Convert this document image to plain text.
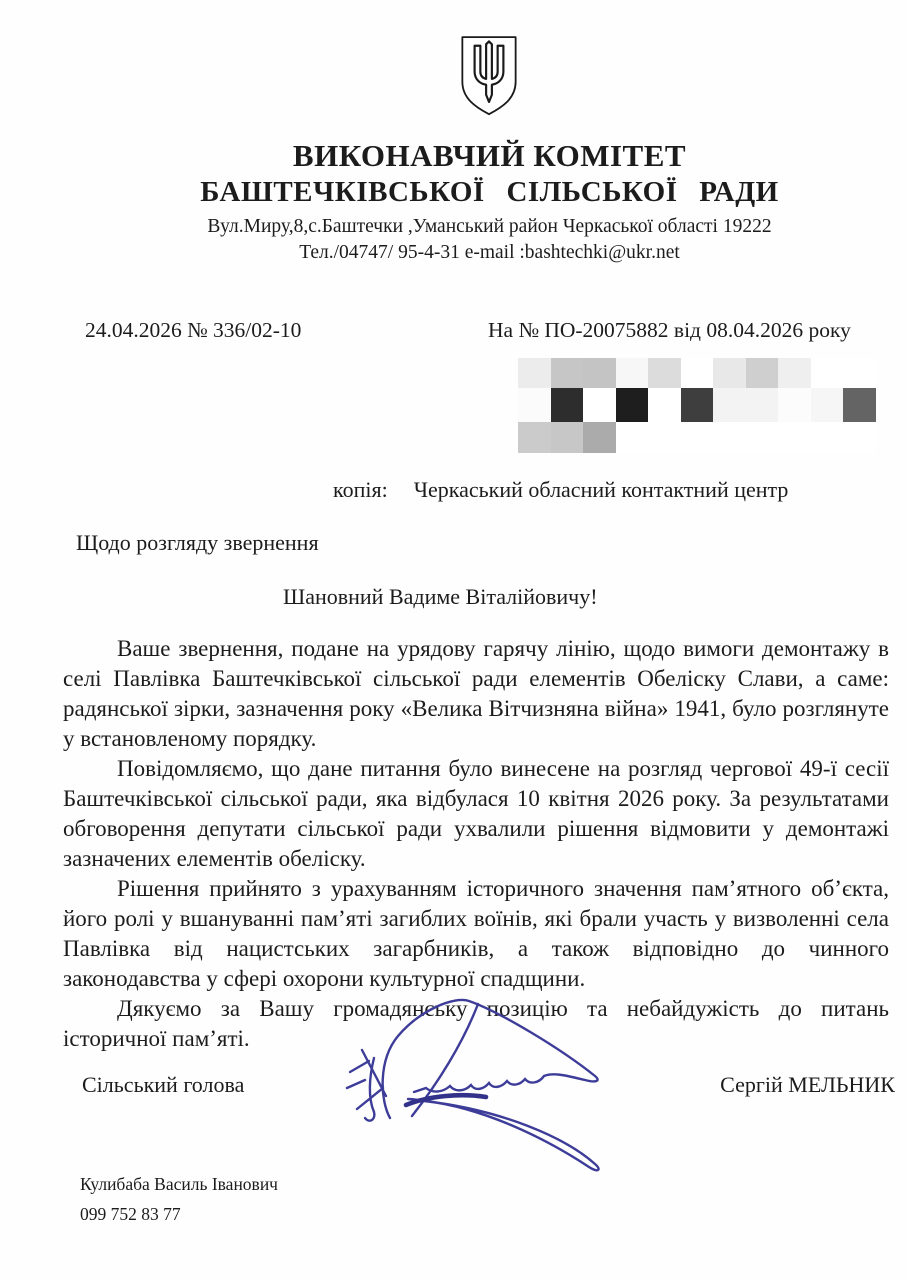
ВИКОНАВЧИЙ КОМІТЕТ
БАШТЕЧКІВСЬКОЇ СІЛЬСЬКОЇ РАДИ
Вул.Миру,8,с.Баштечки ,Уманський район Черкаської області 19222
Тел./04747/ 95-4-31 e-mail :bashtechki@ukr.net
24.04.2026 № 336/02-10	На № ПО-20075882 від 08.04.2026 року
копія: Черкаський обласний контактний центр
Щодо розгляду звернення
Шановний Вадиме Віталійовичу!

Ваше звернення, подане на урядову гарячу лінію, щодо вимоги демонтажу в селі Павлівка Баштечківської сільської ради елементів Обеліску Слави, а саме: радянської зірки, зазначення року «Велика Вітчизняна війна» 1941, було розглянуте у встановленому порядку.

Повідомляємо, що дане питання було винесене на розгляд чергової 49-ї сесії Баштечківської сільської ради, яка відбулася 10 квітня 2026 року. За результатами обговорення депутати сільської ради ухвалили рішення відмовити у демонтажі зазначених елементів обеліску.

Рішення прийнято з урахуванням історичного значення пам’ятного об’єкта, його ролі у вшануванні пам’яті загиблих воїнів, які брали участь у визволенні села Павлівка від нацистських загарбників, а також відповідно до чинного законодавства у сфері охорони культурної спадщини.

Дякуємо за Вашу громадянську позицію та небайдужість до питань історичної пам’яті.

Сільський голова	Сергій МЕЛЬНИК
Кулибаба Василь Іванович
099 752 83 77
